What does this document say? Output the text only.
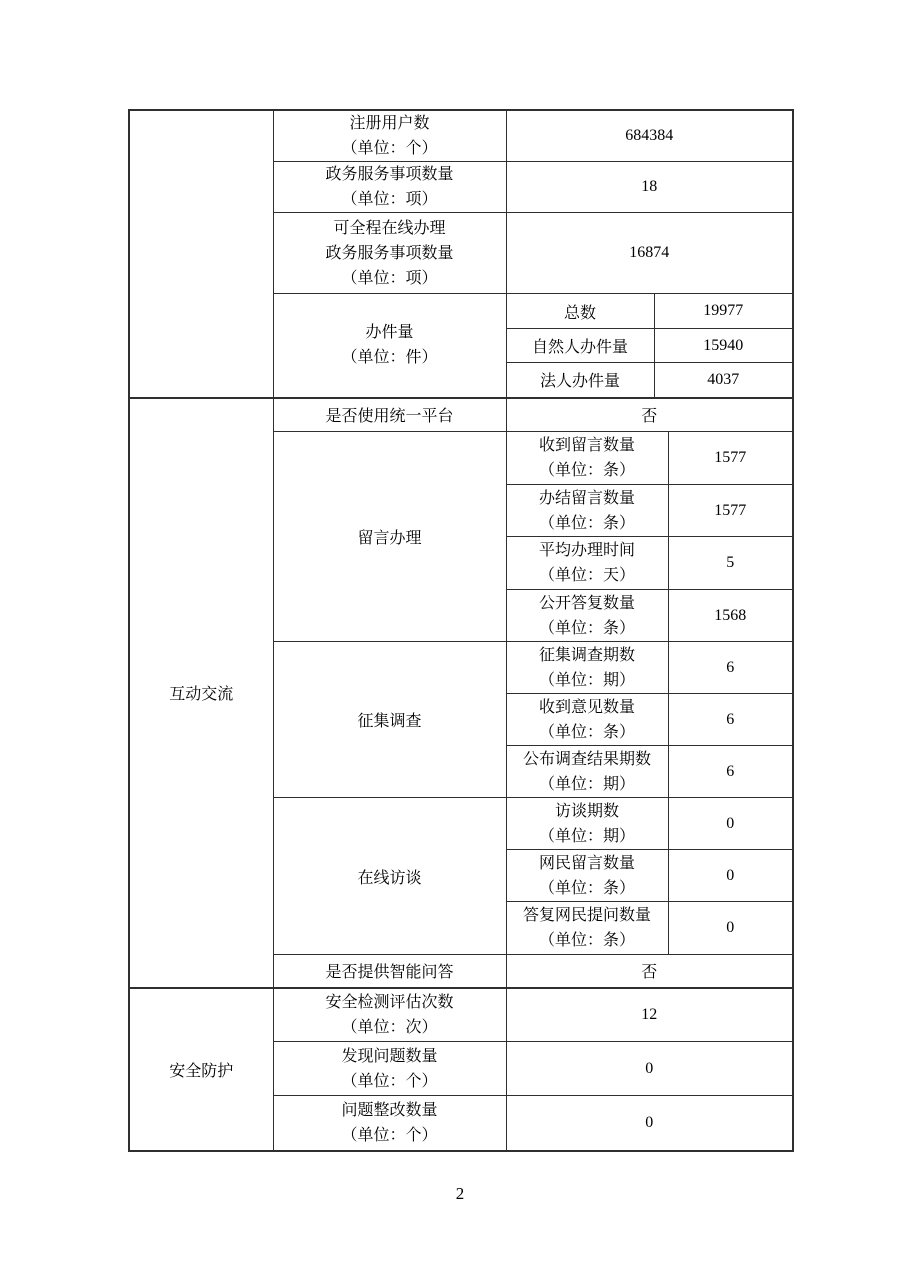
	注册用户数
（单位：个）	684384		

	政务服务事项数量
（单位：项）	18		

	可全程在线办理
政务服务事项数量
（单位：项）	16874		

	办件量
（单位：件）	总数	19977	
		自然人办件量	15940	
		法人办件量	4037	
互动交流	是否使用统一平台	否		
	留言办理	收到留言数量
（单位：条）		1577

		办结留言数量
（单位：条）		1577

		平均办理时间
（单位：天）		5

		公开答复数量
（单位：条）		1568
	征集调查	征集调查期数
（单位：期）		6

		收到意见数量
（单位：条）		6

		公布调查结果期数
（单位：期）		6
	在线访谈	访谈期数
（单位：期）		0

		网民留言数量
（单位：条）		0

		答复网民提问数量
（单位：条）		0
	是否提供智能问答	否		
安全防护	安全检测评估次数
（单位：次）	12		

	发现问题数量
（单位：个）	0		

	问题整改数量
（单位：个）	0		
2
